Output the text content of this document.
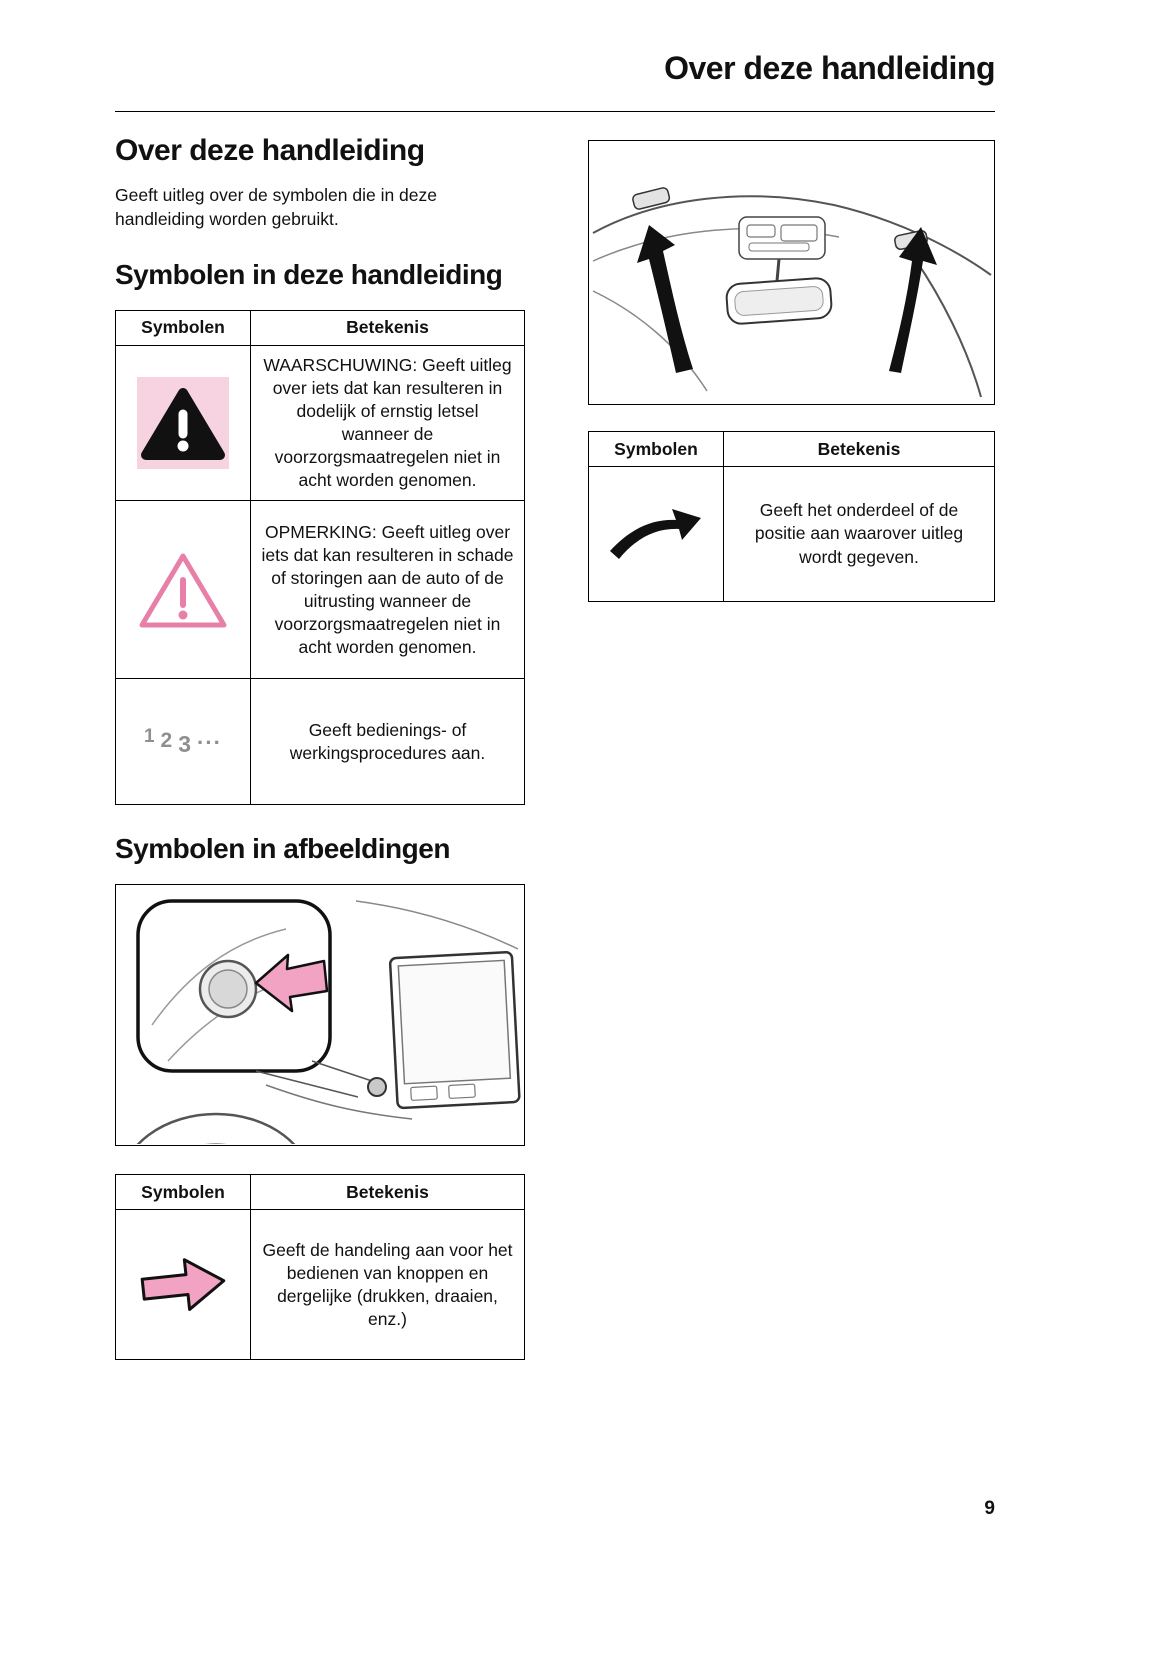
Over deze handleiding
Over deze handleiding

Geeft uitleg over de symbolen die in deze handleiding worden gebruikt.

Symbolen in deze handleiding
Symbolen	Betekenis

	WAARSCHUWING: Geeft uitleg over iets dat kan resulteren in dodelijk of ernstig letsel wanneer de voorzorgsmaatregelen niet in acht worden genomen.

	OPMERKING: Geeft uitleg over iets dat kan resulteren in schade of storingen aan de auto of de uitrusting wanneer de voorzorgsmaatregelen niet in acht worden genomen.
1 2 3 ···	Geeft bedienings- of werkingsprocedures aan.
Symbolen in afbeeldingen
Symbolen	Betekenis

	Geeft de handeling aan voor het bedienen van knoppen en dergelijke (drukken, draaien, enz.)
Symbolen	Betekenis

	Geeft het onderdeel of de positie aan waarover uitleg wordt gegeven.
9
